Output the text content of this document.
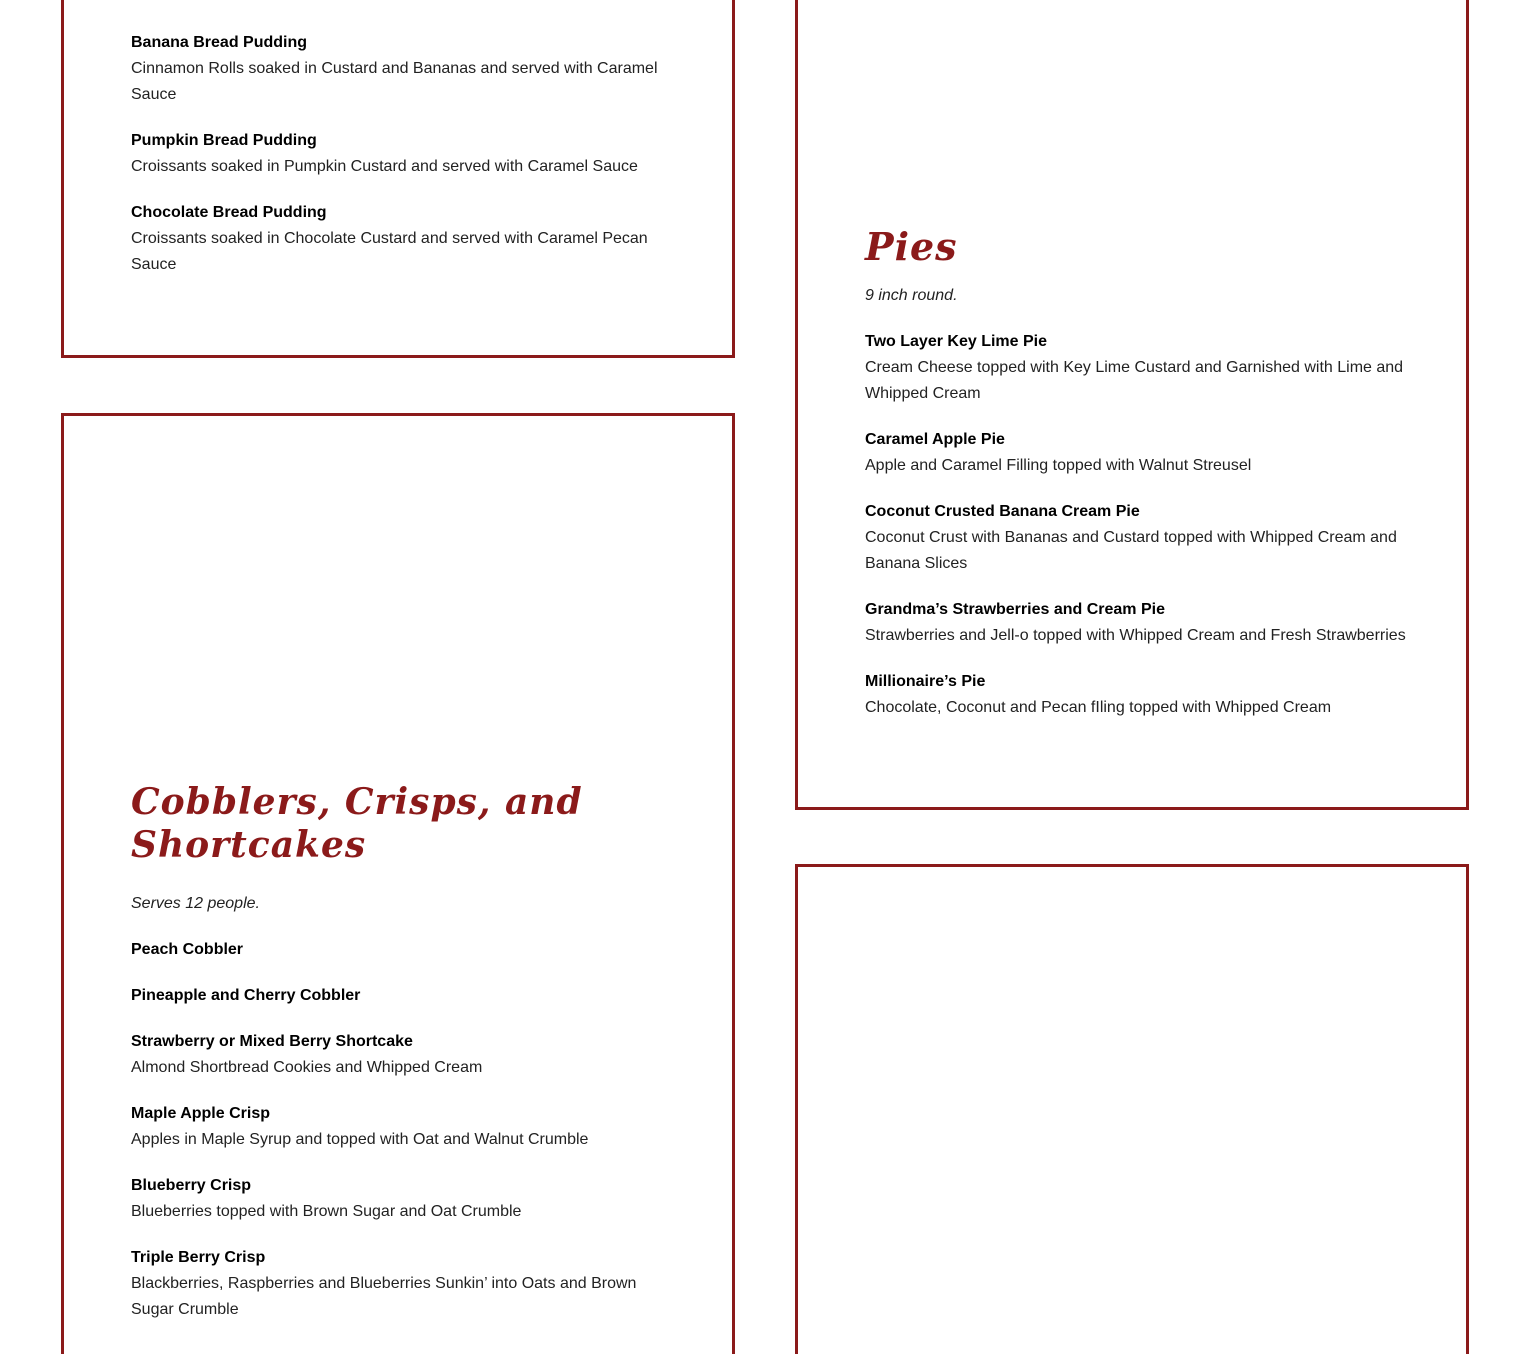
Banana Bread Pudding
Cinnamon Rolls soaked in Custard and Bananas and served with Caramel Sauce
Pumpkin Bread Pudding
Croissants soaked in Pumpkin Custard and served with Caramel Sauce
Chocolate Bread Pudding
Croissants soaked in Chocolate Custard and served with Caramel Pecan Sauce	Pies

9 inch round.

Two Layer Key Lime Pie
Cream Cheese topped with Key Lime Custard and Garnished with Lime and Whipped Cream
Caramel Apple Pie
Apple and Caramel Filling topped with Walnut Streusel
Coconut Crusted Banana Cream Pie
Coconut Crust with Bananas and Custard topped with Whipped Cream and Banana Slices
Grandma’s Strawberries and Cream Pie
Strawberries and Jell-o topped with Whipped Cream and Fresh Strawberries
Millionaire’s Pie
Chocolate, Coconut and Pecan fIling topped with Whipped Cream
Cobblers, Crisps, and Shortcakes

Serves 12 people.

Peach Cobbler
Pineapple and Cherry Cobbler
Strawberry or Mixed Berry Shortcake
Almond Shortbread Cookies and Whipped Cream
Maple Apple Crisp
Apples in Maple Syrup and topped with Oat and Walnut Crumble
Blueberry Crisp
Blueberries topped with Brown Sugar and Oat Crumble
Triple Berry Crisp
Blackberries, Raspberries and Blueberries Sunkin’ into Oats and Brown Sugar Crumble
